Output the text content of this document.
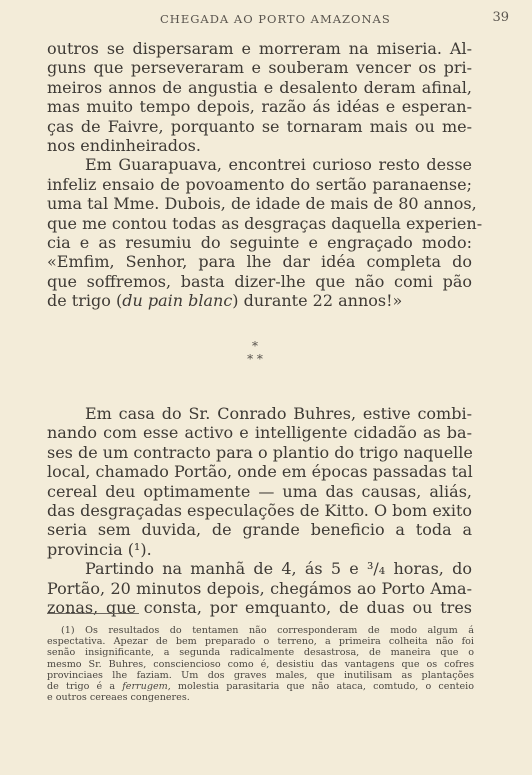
CHEGADA AO PORTO AMAZONAS	39
outros se dispersaram e morreram na miseria. Al-
guns que perseveraram e souberam vencer os pri-
meiros annos de angustia e desalento deram afinal,
mas muito tempo depois, razão ás idéas e esperan-
ças de Faivre, porquanto se tornaram mais ou me-
nos endinheirados.
Em Guarapuava, encontrei curioso resto desse
infeliz ensaio de povoamento do sertão paranaense;
uma tal Mme. Dubois, de idade de mais de 80 annos,
que me contou todas as desgraças daquella experien-
cia e as resumiu do seguinte e engraçado modo:
«Emfim, Senhor, para lhe dar idéa completa do
que soffremos, basta dizer-lhe que não comi pão
de trigo (du pain blanc) durante 22 annos!»
*
* *
Em casa do Sr. Conrado Buhres, estive combi-
nando com esse activo e intelligente cidadão as ba-
ses de um contracto para o plantio do trigo naquelle
local, chamado Portão, onde em épocas passadas tal
cereal deu optimamente — uma das causas, aliás,
das desgraçadas especulações de Kitto. O bom exito
seria sem duvida, de grande beneficio a toda a
provincia (¹).
Partindo na manhã de 4, ás 5 e ³/₄ horas, do
Portão, 20 minutos depois, chegámos ao Porto Ama-
zonas, que consta, por emquanto, de duas ou tres
(1) Os resultados do tentamen não corresponderam de modo algum á
espectativa. Apezar de bem preparado o terreno, a primeira colheita não foi
senão insignificante, a segunda radicalmente desastrosa, de maneira que o
mesmo Sr. Buhres, consciencioso como é, desistiu das vantagens que os cofres
provinciaes lhe faziam. Um dos graves males, que inutilisam as plantações
de trigo é a ferrugem, molestia parasitaria que não ataca, comtudo, o centeio
e outros cereaes congeneres.
